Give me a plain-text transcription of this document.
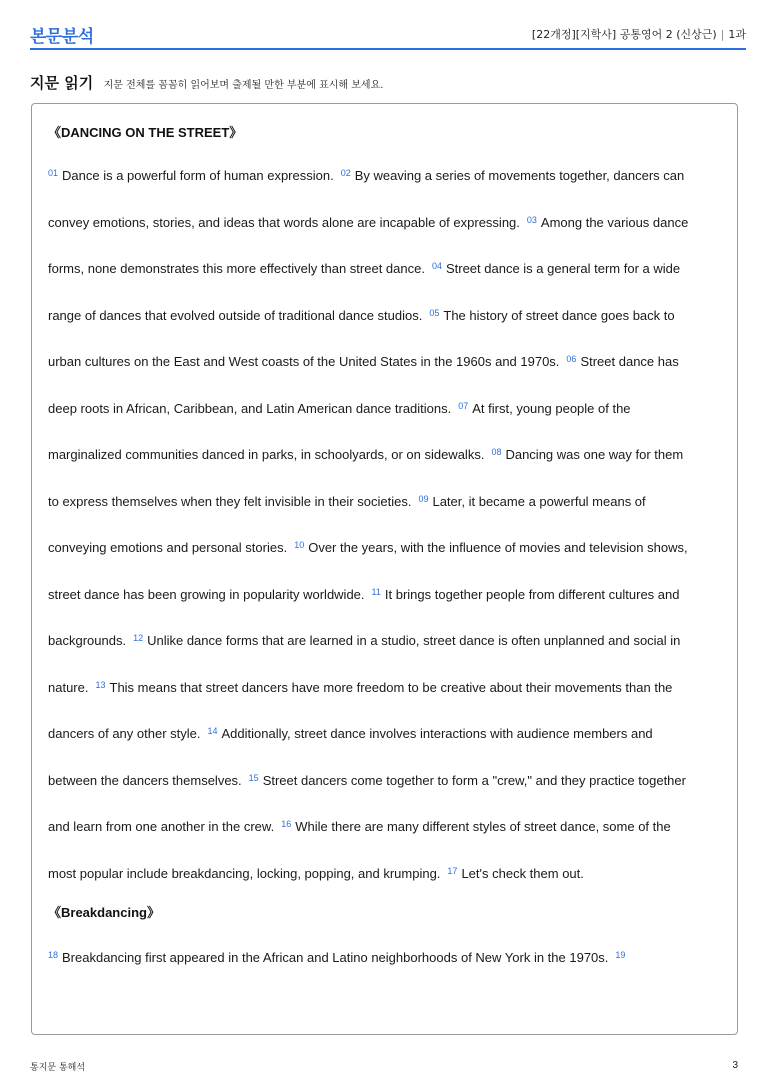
본문분석	[22개정][지학사] 공통영어 2 (신상근) | 1과
지문 읽기 지문 전체를 꼼꼼히 읽어보며 출제될 만한 부분에 표시해 보세요.
《DANCING ON THE STREET》
$^{01}$ Dance is a powerful form of human expression. $^{02}$ By weaving a series of movements together, dancers can
convey emotions, stories, and ideas that words alone are incapable of expressing. $^{03}$ Among the various dance
forms, none demonstrates this more effectively than street dance. $^{04}$ Street dance is a general term for a wide
range of dances that evolved outside of traditional dance studios. $^{05}$ The history of street dance goes back to
urban cultures on the East and West coasts of the United States in the 1960s and 1970s. $^{06}$ Street dance has
deep roots in African, Caribbean, and Latin American dance traditions. $^{07}$ At first, young people of the
marginalized communities danced in parks, in schoolyards, or on sidewalks. $^{08}$ Dancing was one way for them
to express themselves when they felt invisible in their societies. $^{09}$ Later, it became a powerful means of
conveying emotions and personal stories. $^{10}$ Over the years, with the influence of movies and television shows,
street dance has been growing in popularity worldwide. $^{11}$ It brings together people from different cultures and
backgrounds. $^{12}$ Unlike dance forms that are learned in a studio, street dance is often unplanned and social in
nature. $^{13}$ This means that street dancers have more freedom to be creative about their movements than the
dancers of any other style. $^{14}$ Additionally, street dance involves interactions with audience members and
between the dancers themselves. $^{15}$ Street dancers come together to form a "crew," and they practice together
and learn from one another in the crew. $^{16}$ While there are many different styles of street dance, some of the
most popular include breakdancing, locking, popping, and krumping. $^{17}$ Let's check them out.
《Breakdancing》
$^{18}$ Breakdancing first appeared in the African and Latino neighborhoods of New York in the 1970s. $^{19}$
통지문 통해석	3
